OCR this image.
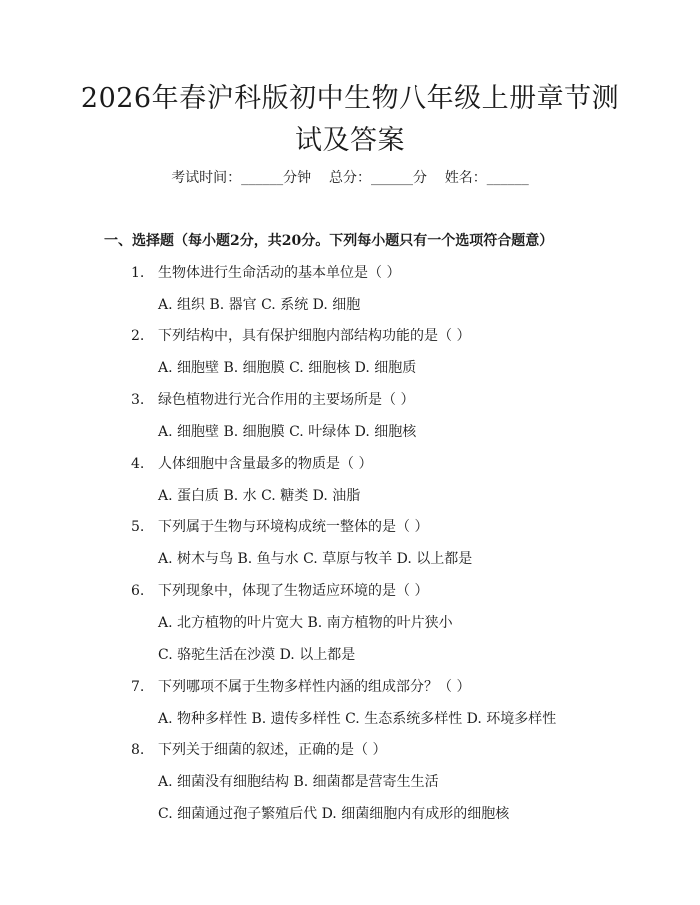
2026年春沪科版初中生物八年级上册章节测
试及答案
考试时间：______分钟    总分：______分    姓名：______
一、选择题（每小题2分，共20分。下列每小题只有一个选项符合题意）
1. 生物体进行生命活动的基本单位是（ ）
A. 组织 B. 器官 C. 系统 D. 细胞
2. 下列结构中，具有保护细胞内部结构功能的是（ ）
A. 细胞壁 B. 细胞膜 C. 细胞核 D. 细胞质
3. 绿色植物进行光合作用的主要场所是（ ）
A. 细胞壁 B. 细胞膜 C. 叶绿体 D. 细胞核
4. 人体细胞中含量最多的物质是（ ）
A. 蛋白质 B. 水 C. 糖类 D. 油脂
5. 下列属于生物与环境构成统一整体的是（ ）
A. 树木与鸟 B. 鱼与水 C. 草原与牧羊 D. 以上都是
6. 下列现象中，体现了生物适应环境的是（ ）
A. 北方植物的叶片宽大 B. 南方植物的叶片狭小
C. 骆驼生活在沙漠 D. 以上都是
7. 下列哪项不属于生物多样性内涵的组成部分？（ ）
A. 物种多样性 B. 遗传多样性 C. 生态系统多样性 D. 环境多样性
8. 下列关于细菌的叙述，正确的是（ ）
A. 细菌没有细胞结构 B. 细菌都是营寄生生活
C. 细菌通过孢子繁殖后代 D. 细菌细胞内有成形的细胞核
